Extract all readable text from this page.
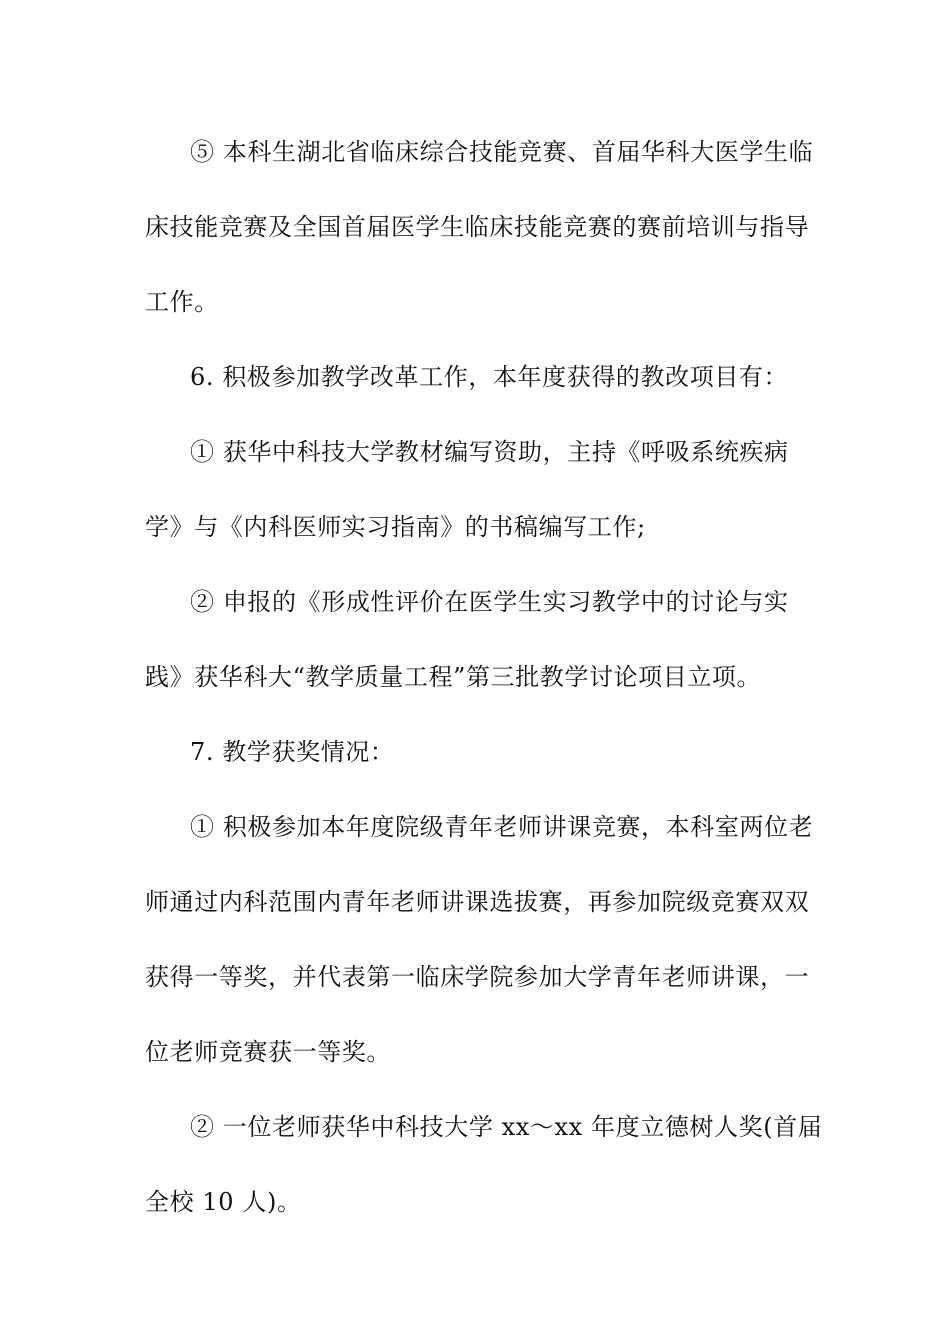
⑤ 本科生湖北省临床综合技能竞赛、首届华科大医学生临
床技能竞赛及全国首届医学生临床技能竞赛的赛前培训与指导
工作。
6. 积极参加教学改革工作，本年度获得的教改项目有：
① 获华中科技大学教材编写资助，主持《呼吸系统疾病
学》与《内科医师实习指南》的书稿编写工作;
② 申报的《形成性评价在医学生实习教学中的讨论与实
践》获华科大“教学质量工程”第三批教学讨论项目立项。
7. 教学获奖情况：
① 积极参加本年度院级青年老师讲课竞赛，本科室两位老
师通过内科范围内青年老师讲课选拔赛，再参加院级竞赛双双
获得一等奖，并代表第一临床学院参加大学青年老师讲课，一
位老师竞赛获一等奖。
② 一位老师获华中科技大学 xx～xx 年度立德树人奖(首届
全校 10 人)。
